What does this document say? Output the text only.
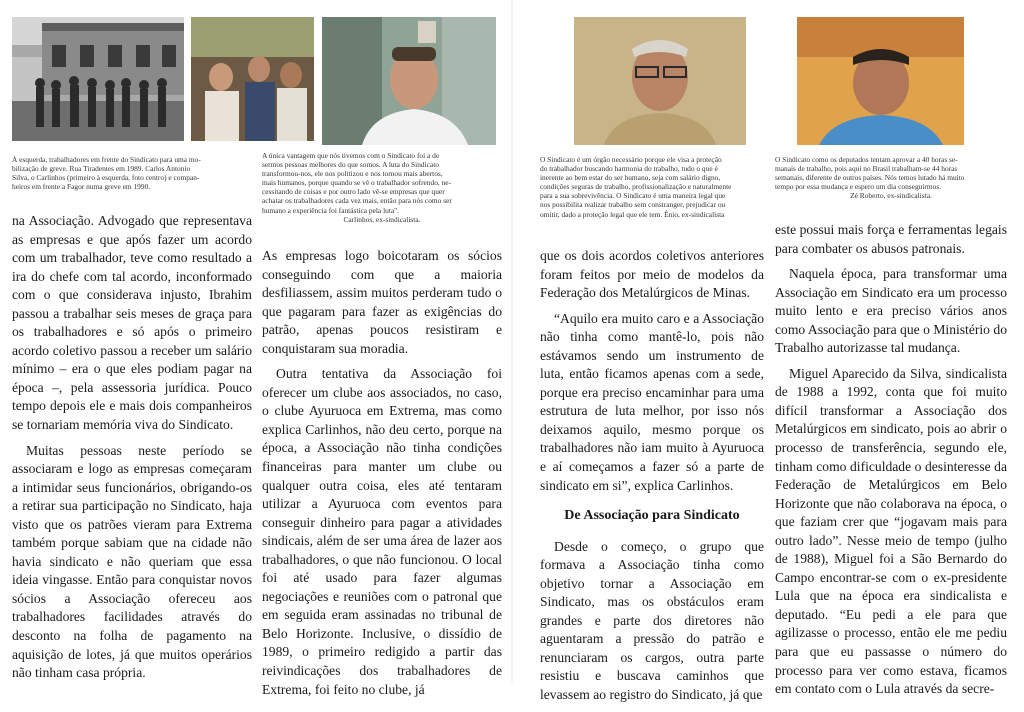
À esquerda, trabalhadores em frente do Sindicato para uma mo-

bilização de greve. Rua Tiradentes em 1989. Carlos Antonio

Silva, o Carlinhos (primeiro à esquerda, foto centro) e compan-

heiros em frente a Fagor numa greve em 1990.

A única vantagem que nós tivemos com o Sindicato foi a de

sermos pessoas melhores do que somos. A luta do Sindicato

transformou-nos, ele nos politizou e nos tornou mais abertos,

mais humanos, porque quando se vê o trabalhador sofrendo, ne-

cessitando de coisas e por outro lado vê-se empresas que quer

achatar os trabalhadores cada vez mais, então para nós como ser

humano a experiência foi fantástica pela luta".

Carlinhos, ex-sindicalista.

O Sindicato é um órgão necessário porque ele visa a proteção

do trabalhador buscando harmonia do trabalho, tudo o que é

inerente ao bem estar do ser humano, seja com salário digno,

condições seguras de trabalho, profissionalização e naturalmente

para a sua sobrevivência. O Sindicato é uma maneira legal que

nos possibilita realizar trabalho sem constranger, prejudicar ou

omitir, dado a proteção legal que ele tem. Ênio, ex-sindicalista

O Sindicato como os deputados tentam aprovar a 40 horas se-

manais de trabalho, pois aqui no Brasil trabalham-se 44 horas

semanais, diferente de outros países. Nós temos lutado há muito

tempo por essa mudança e espero um dia conseguirmos.

Zé Roberto, ex-sindicalista.

na Associação. Advogado que representava as empresas e que após fazer um acordo com um trabalhador, teve como resultado a ira do chefe com tal acordo, inconformado com o que considerava injusto, Ibrahim passou a trabalhar seis meses de graça para os trabalhadores e só após o primeiro acordo coletivo passou a receber um salário mínimo – era o que eles podiam pagar na época –, pela assessoria jurídica. Pouco tempo depois ele e mais dois companheiros se tornariam memória viva do Sindicato.

Muitas pessoas neste período se associaram e logo as empresas começaram a intimidar seus funcionários, obrigando-os a retirar sua participação no Sindicato, haja visto que os patrões vieram para Extrema também porque sabiam que na cidade não havia sindicato e não queriam que essa ideia vingasse. Então para conquistar novos sócios a Associação ofereceu aos trabalhadores facilidades através do desconto na folha de pagamento na aquisição de lotes, já que muitos operários não tinham casa própria.

As empresas logo boicotaram os sócios conseguindo com que a maioria desfiliassem, assim muitos perderam tudo o que pagaram para fazer as exigências do patrão, apenas poucos resistiram e conquistaram sua moradia.

Outra tentativa da Associação foi oferecer um clube aos associados, no caso, o clube Ayuruoca em Extrema, mas como explica Carlinhos, não deu certo, porque na época, a Associação não tinha condições financeiras para manter um clube ou qualquer outra coisa, eles até tentaram utilizar a Ayuruoca com eventos para conseguir dinheiro para pagar a atividades sindicais, além de ser uma área de lazer aos trabalhadores, o que não funcionou. O local foi até usado para fazer algumas negociações e reuniões com o patronal que em seguida eram assinadas no tribunal de Belo Horizonte. Inclusive, o dissídio de 1989, o primeiro redigido a partir das reivindicações dos trabalhadores de Extrema, foi feito no clube, já

que os dois acordos coletivos anteriores foram feitos por meio de modelos da Federação dos Metalúrgicos de Minas.

“Aquilo era muito caro e a Associação não tinha como mantê-lo, pois não estávamos sendo um instrumento de luta, então ficamos apenas com a sede, porque era preciso encaminhar para uma estrutura de luta melhor, por isso nós deixamos aquilo, mesmo porque os trabalhadores não iam muito à Ayuruoca e aí começamos a fazer só a parte de sindicato em si”, explica Carlinhos.

De Associação para Sindicato

Desde o começo, o grupo que formava a Associação tinha como objetivo tornar a Associação em Sindicato, mas os obstáculos eram grandes e parte dos diretores não aguentaram a pressão do patrão e renunciaram os cargos, outra parte resistiu e buscava caminhos que levassem ao registro do Sindicato, já que

este possui mais força e ferramentas legais para combater os abusos patronais.

Naquela época, para transformar uma Associação em Sindicato era um processo muito lento e era preciso vários anos como Associação para que o Ministério do Trabalho autorizasse tal mudança.

Miguel Aparecido da Silva, sindicalista de 1988 a 1992, conta que foi muito difícil transformar a Associação dos Metalúrgicos em sindicato, pois ao abrir o processo de transferência, segundo ele, tinham como dificuldade o desinteresse da Federação de Metalúrgicos em Belo Horizonte que não colaborava na época, o que faziam crer que “jogavam mais para outro lado”. Nesse meio de tempo (julho de 1988), Miguel foi a São Bernardo do Campo encontrar-se com o ex-presidente Lula que na época era sindicalista e deputado. “Eu pedi a ele para que agilizasse o processo, então ele me pediu para que eu passasse o número do processo para ver como estava, ficamos em contato com o Lula através da secre-
